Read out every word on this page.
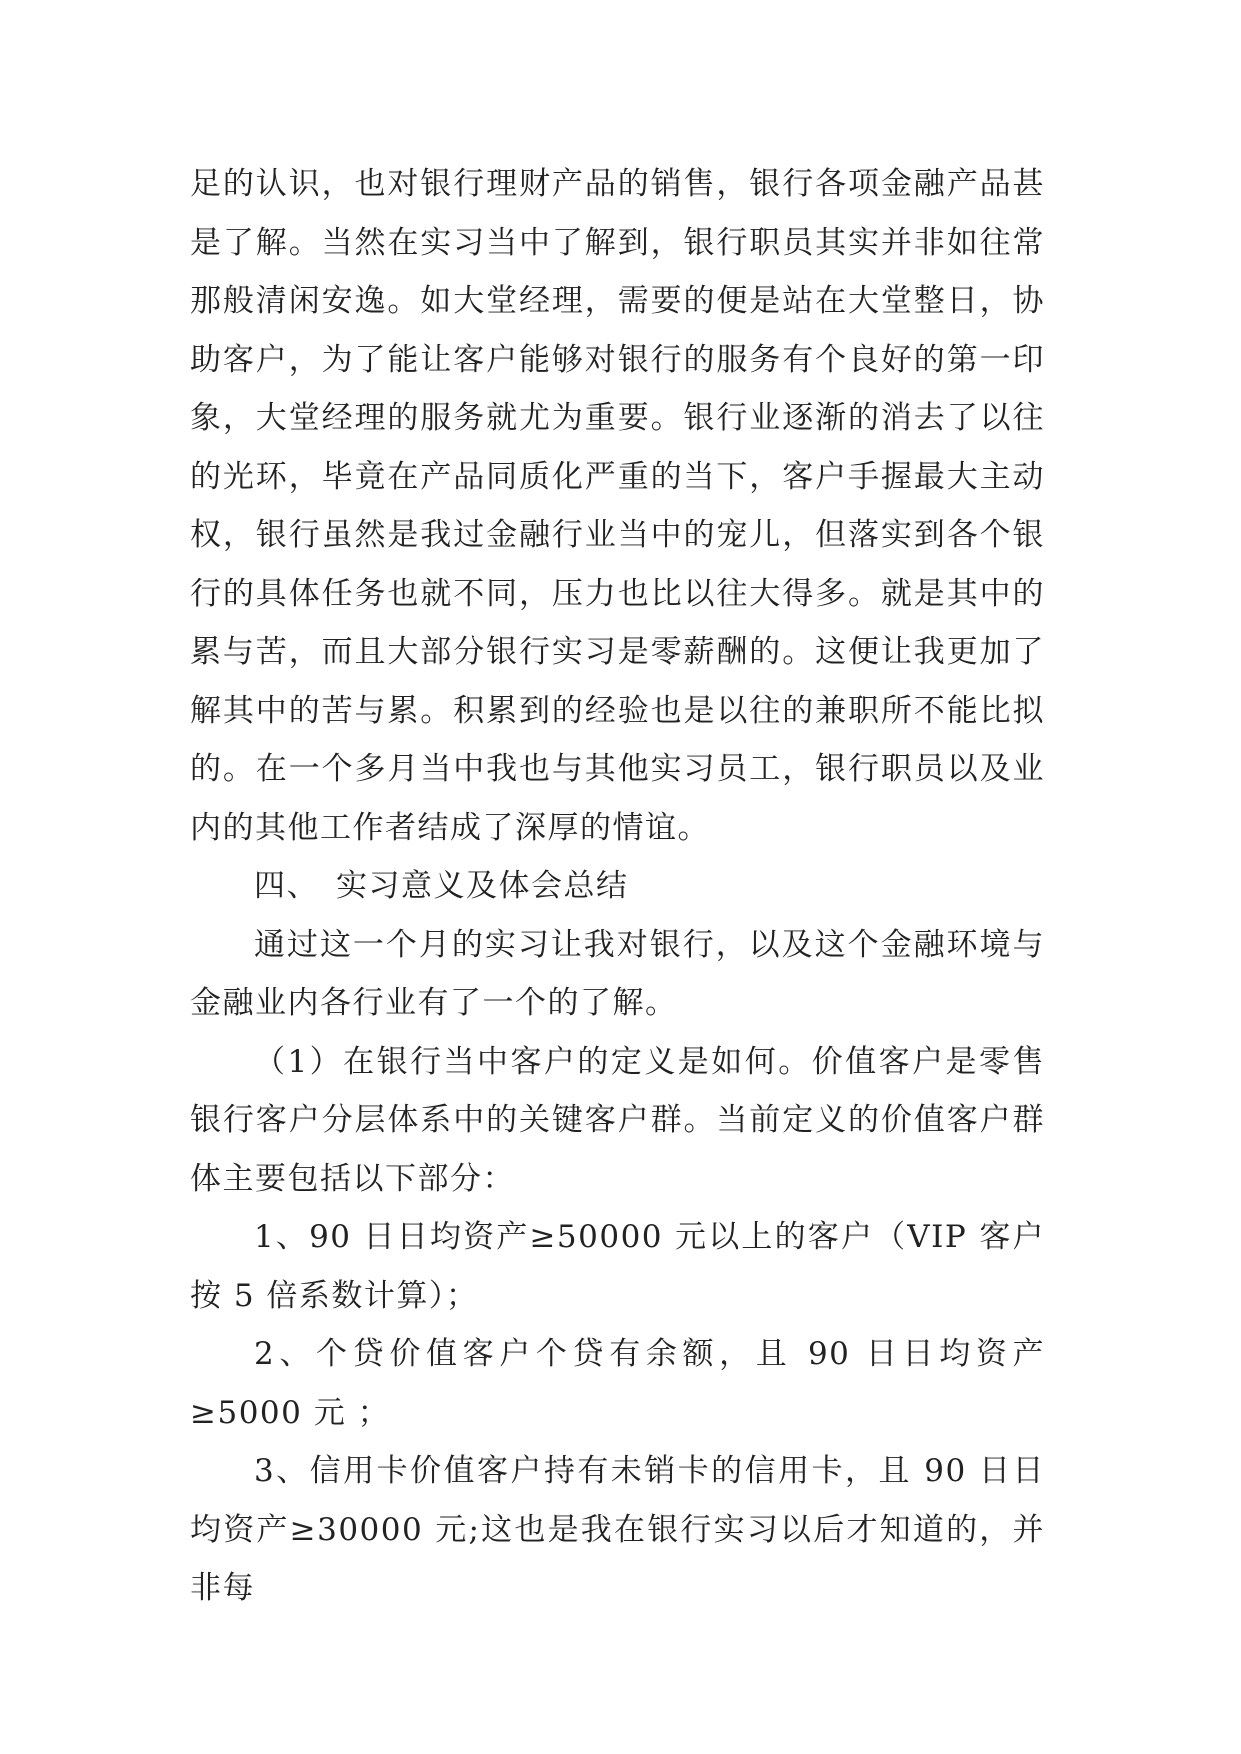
足的认识，也对银行理财产品的销售，银行各项金融产品甚是了解。当然在实习当中了解到，银行职员其实并非如往常那般清闲安逸。如大堂经理，需要的便是站在大堂整日，协助客户，为了能让客户能够对银行的服务有个良好的第一印象，大堂经理的服务就尤为重要。银行业逐渐的消去了以往的光环，毕竟在产品同质化严重的当下，客户手握最大主动权，银行虽然是我过金融行业当中的宠儿，但落实到各个银行的具体任务也就不同，压力也比以往大得多。就是其中的累与苦，而且大部分银行实习是零薪酬的。这便让我更加了解其中的苦与累。积累到的经验也是以往的兼职所不能比拟的。在一个多月当中我也与其他实习员工，银行职员以及业内的其他工作者结成了深厚的情谊。

四、 实习意义及体会总结

通过这一个月的实习让我对银行，以及这个金融环境与金融业内各行业有了一个的了解。

（1）在银行当中客户的定义是如何。价值客户是零售银行客户分层体系中的关键客户群。当前定义的价值客户群体主要包括以下部分：

1、90 日日均资产≥50000 元以上的客户（VIP 客户按 5 倍系数计算）；

2、个贷价值客户个贷有余额，且 90 日日均资产≥5000 元 ；

3、信用卡价值客户持有未销卡的信用卡，且 90 日日均资产≥30000 元;这也是我在银行实习以后才知道的，并非每
